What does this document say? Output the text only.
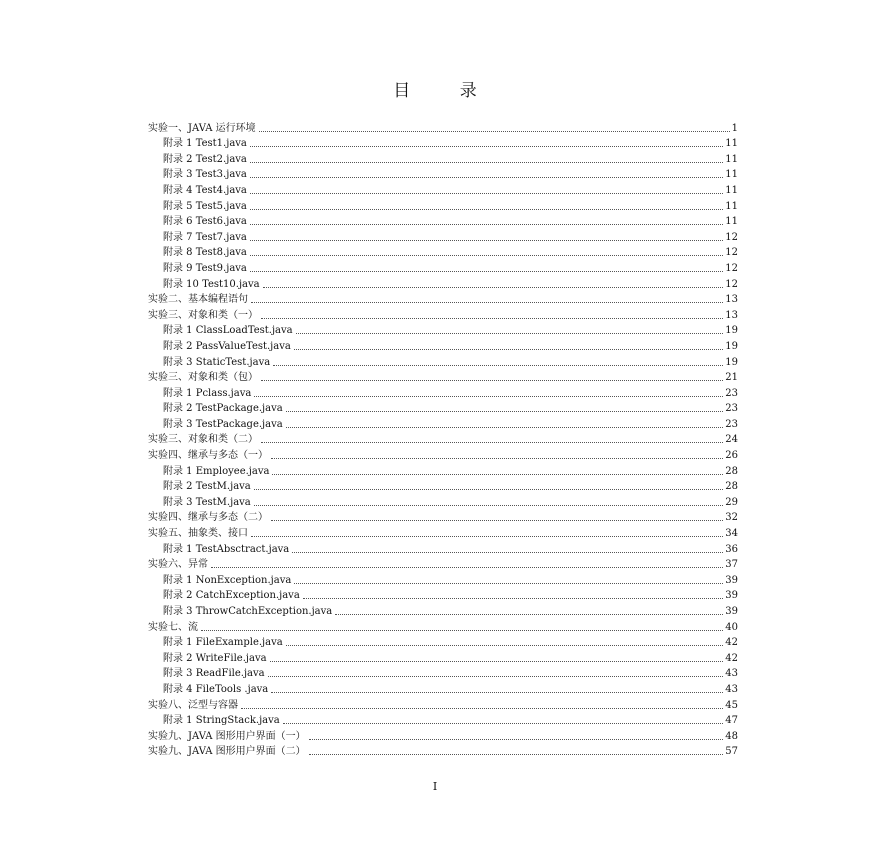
目 录
实验一、JAVA 运行环境	1
附录 1 Test1.java	11
附录 2 Test2.java	11
附录 3 Test3.java	11
附录 4 Test4.java	11
附录 5 Test5.java	11
附录 6 Test6.java	11
附录 7 Test7.java	12
附录 8 Test8.java	12
附录 9 Test9.java	12
附录 10 Test10.java	12
实验二、基本编程语句	13
实验三、对象和类（一）	13
附录 1 ClassLoadTest.java	19
附录 2 PassValueTest.java	19
附录 3 StaticTest.java	19
实验三、对象和类（包）	21
附录 1 Pclass.java	23
附录 2 TestPackage.java	23
附录 3 TestPackage.java	23
实验三、对象和类（二）	24
实验四、继承与多态（一）	26
附录 1 Employee.java	28
附录 2 TestM.java	28
附录 3 TestM.java	29
实验四、继承与多态（二）	32
实验五、抽象类、接口	34
附录 1 TestAbsctract.java	36
实验六、异常	37
附录 1 NonException.java	39
附录 2 CatchException.java	39
附录 3 ThrowCatchException.java	39
实验七、流	40
附录 1 FileExample.java	42
附录 2 WriteFile.java	42
附录 3 ReadFile.java	43
附录 4 FileTools .java	43
实验八、泛型与容器	45
附录 1 StringStack.java	47
实验九、JAVA 图形用户界面（一）	48
实验九、JAVA 图形用户界面（二）	57
I
